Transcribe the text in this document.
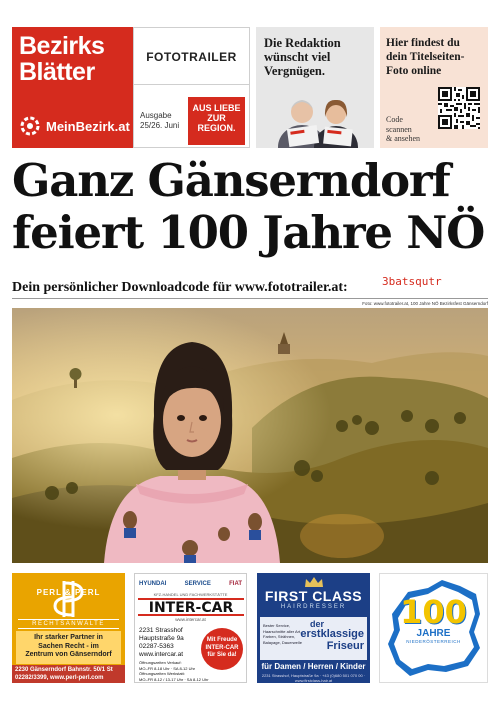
Bezirks
Blätter
MeinBezirk.at
FOTOTRAILER
Ausgabe
25/26. Juni
AUS LIEBE
ZUR
REGION.
Die Redaktion
wünscht viel
Vergnügen.
Hier findest du
dein Titelseiten-
Foto online
Code
scannen
& ansehen
Ganz Gänserndorf
feiert 100 Jahre NÖ
Dein persönlicher Downloadcode für www.fototrailer.at:	3batsqutr
Foto: www.fototrailer.at, 100 Jahre NÖ Bezirksfest Gänserndorf
PERL & PERL
RECHTSANWÄLTE
Ihr starker Partner in
Sachen Recht - im
Zentrum von Gänserndorf
2230 Gänserndorf Bahnstr. 50/1 St
02282/3399, www.perl-perl.com
HYUNDAI	SERVICE	FIAT
KFZ-HANDEL UND FACHWERKSTÄTTE
INTER-CAR
www.intercar.at
2231 Strasshof
Hauptstraße 9a
02287-5363
www.intercar.at
Öffnungszeiten Verkauf:
MO–FR 8-18 Uhr · SA 8-12 Uhr
Öffnungszeiten Werkstatt:
MO–FR 8-12 / 13-17 Uhr · SA 8-12 Uhr
Mit Freude
INTER-CAR
für Sie da!
FIRST CLASS
HAIRDRESSER
Bester Service,
Haarschnitte aller Art,
Farben, Strähnen,
Balayage, Dauerwelle
der
erstklassige
Friseur
für Damen / Herren / Kinder
2231 Strasshof, Hauptstraße 9a · +43 (0)680 501 070 00 · www.firstclass-hair.at
100
JAHRE
NIEDERÖSTERREICH
